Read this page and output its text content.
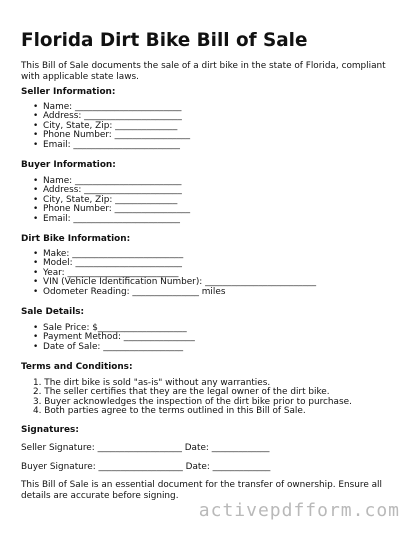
Florida Dirt Bike Bill of Sale

This Bill of Sale documents the sale of a dirt bike in the state of Florida, compliant with applicable state laws.

Seller Information:
• Name: ________________________
• Address: ______________________
• City, State, Zip: ______________
• Phone Number: _________________
• Email: ________________________
Buyer Information:
• Name: ________________________
• Address: ______________________
• City, State, Zip: ______________
• Phone Number: _________________
• Email: ________________________
Dirt Bike Information:
• Make: _________________________
• Model: ________________________
• Year: _________________________
• VIN (Vehicle Identification Number): _________________________
• Odometer Reading: _______________ miles
Sale Details:
• Sale Price: $____________________
• Payment Method: ________________
• Date of Sale: __________________
Terms and Conditions:
1. The dirt bike is sold "as-is" without any warranties.
2. The seller certifies that they are the legal owner of the dirt bike.
3. Buyer acknowledges the inspection of the dirt bike prior to purchase.
4. Both parties agree to the terms outlined in this Bill of Sale.
Signatures:
Seller Signature: ___________________ Date: _____________
Buyer Signature: ___________________ Date: _____________

This Bill of Sale is an essential document for the transfer of ownership. Ensure all details are accurate before signing.

activepdfform.com
